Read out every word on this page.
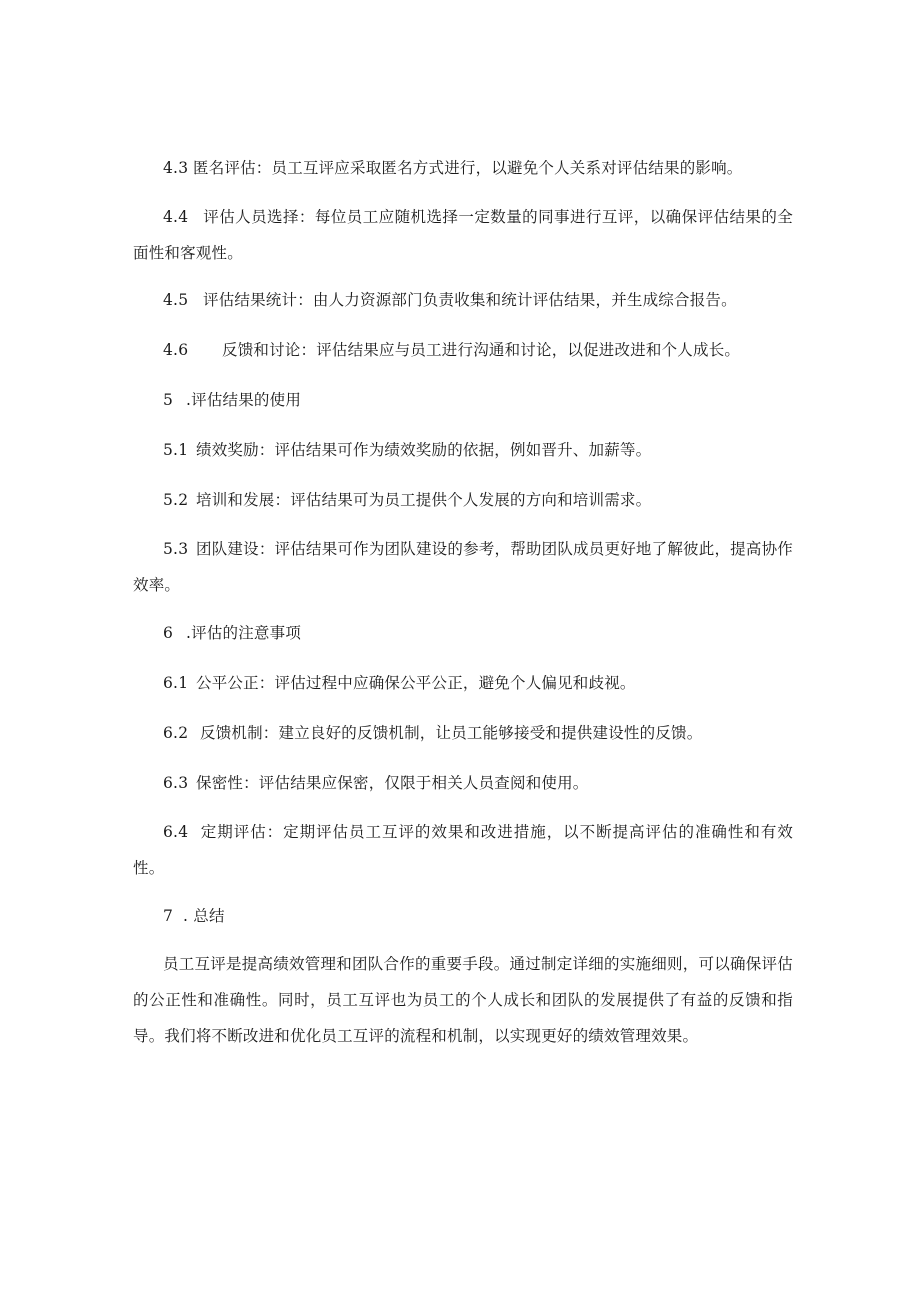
4.3 匿名评估：员工互评应采取匿名方式进行，以避免个人关系对评估结果的影响。
4.4 评估人员选择：每位员工应随机选择一定数量的同事进行互评，以确保评估结果的全面性和客观性。
4.5 评估结果统计：由人力资源部门负责收集和统计评估结果，并生成综合报告。
4.6 反馈和讨论：评估结果应与员工进行沟通和讨论，以促进改进和个人成长。
5 .评估结果的使用
5.1 绩效奖励：评估结果可作为绩效奖励的依据，例如晋升、加薪等。
5.2 培训和发展：评估结果可为员工提供个人发展的方向和培训需求。
5.3 团队建设：评估结果可作为团队建设的参考，帮助团队成员更好地了解彼此，提高协作效率。
6 .评估的注意事项
6.1 公平公正：评估过程中应确保公平公正，避免个人偏见和歧视。
6.2 反馈机制：建立良好的反馈机制，让员工能够接受和提供建设性的反馈。
6.3 保密性：评估结果应保密，仅限于相关人员查阅和使用。
6.4 定期评估：定期评估员工互评的效果和改进措施，以不断提高评估的准确性和有效性。
7 . 总结
员工互评是提高绩效管理和团队合作的重要手段。通过制定详细的实施细则，可以确保评估的公正性和准确性。同时，员工互评也为员工的个人成长和团队的发展提供了有益的反馈和指导。我们将不断改进和优化员工互评的流程和机制，以实现更好的绩效管理效果。
